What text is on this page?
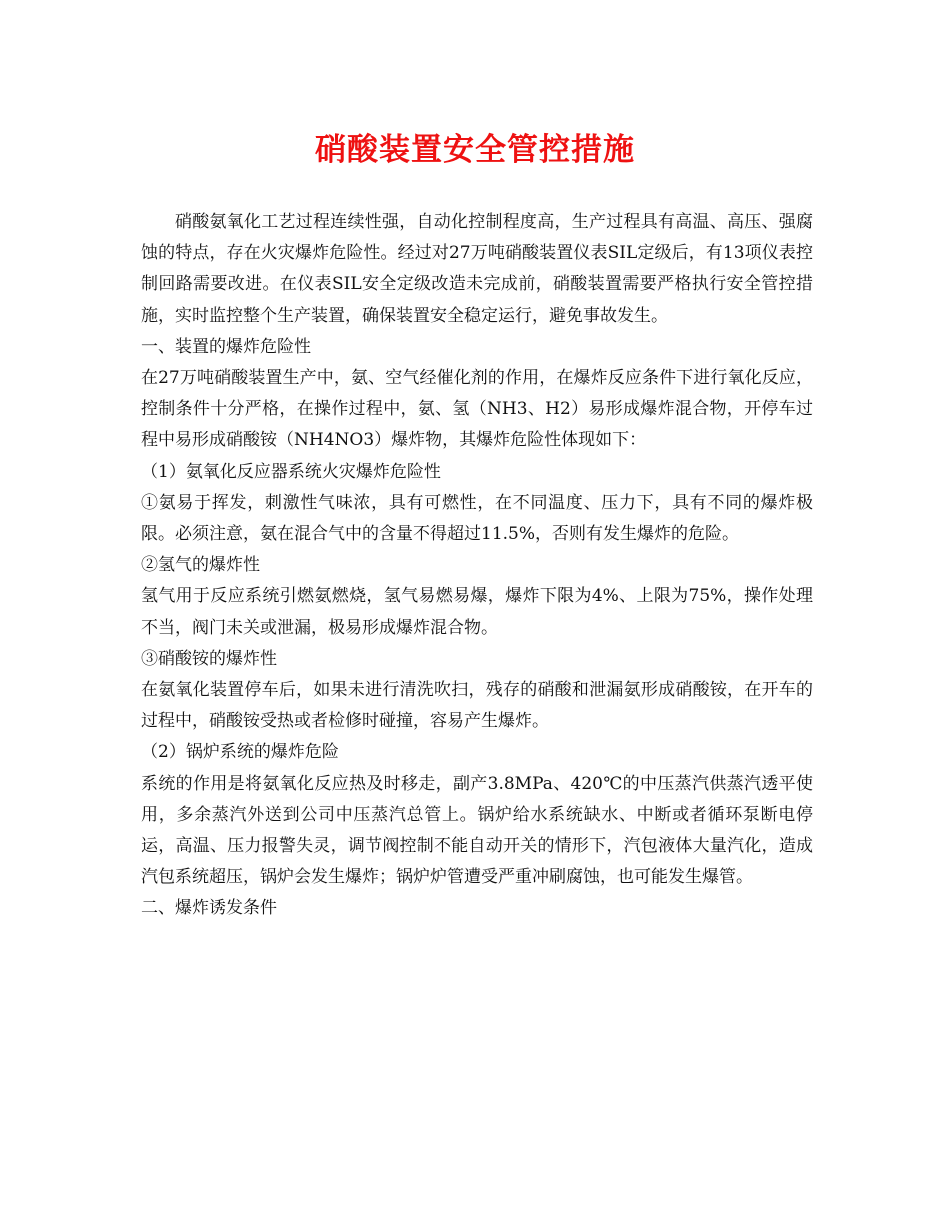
硝酸装置安全管控措施

硝酸氨氧化工艺过程连续性强，自动化控制程度高，生产过程具有高温、高压、强腐蚀的特点，存在火灾爆炸危险性。经过对27万吨硝酸装置仪表SIL定级后，有13项仪表控制回路需要改进。在仪表SIL安全定级改造未完成前，硝酸装置需要严格执行安全管控措施，实时监控整个生产装置，确保装置安全稳定运行，避免事故发生。

一、装置的爆炸危险性

在27万吨硝酸装置生产中，氨、空气经催化剂的作用，在爆炸反应条件下进行氧化反应，控制条件十分严格，在操作过程中，氨、氢（NH3、H2）易形成爆炸混合物，开停车过程中易形成硝酸铵（NH4NO3）爆炸物，其爆炸危险性体现如下：

（1）氨氧化反应器系统火灾爆炸危险性

①氨易于挥发，刺激性气味浓，具有可燃性，在不同温度、压力下，具有不同的爆炸极限。必须注意，氨在混合气中的含量不得超过11.5%，否则有发生爆炸的危险。

②氢气的爆炸性

氢气用于反应系统引燃氨燃烧，氢气易燃易爆，爆炸下限为4%、上限为75%，操作处理不当，阀门未关或泄漏，极易形成爆炸混合物。

③硝酸铵的爆炸性

在氨氧化装置停车后，如果未进行清洗吹扫，残存的硝酸和泄漏氨形成硝酸铵，在开车的过程中，硝酸铵受热或者检修时碰撞，容易产生爆炸。

（2）锅炉系统的爆炸危险

系统的作用是将氨氧化反应热及时移走，副产3.8MPa、420℃的中压蒸汽供蒸汽透平使用，多余蒸汽外送到公司中压蒸汽总管上。锅炉给水系统缺水、中断或者循环泵断电停运，高温、压力报警失灵，调节阀控制不能自动开关的情形下，汽包液体大量汽化，造成汽包系统超压，锅炉会发生爆炸；锅炉炉管遭受严重冲刷腐蚀，也可能发生爆管。

二、爆炸诱发条件
